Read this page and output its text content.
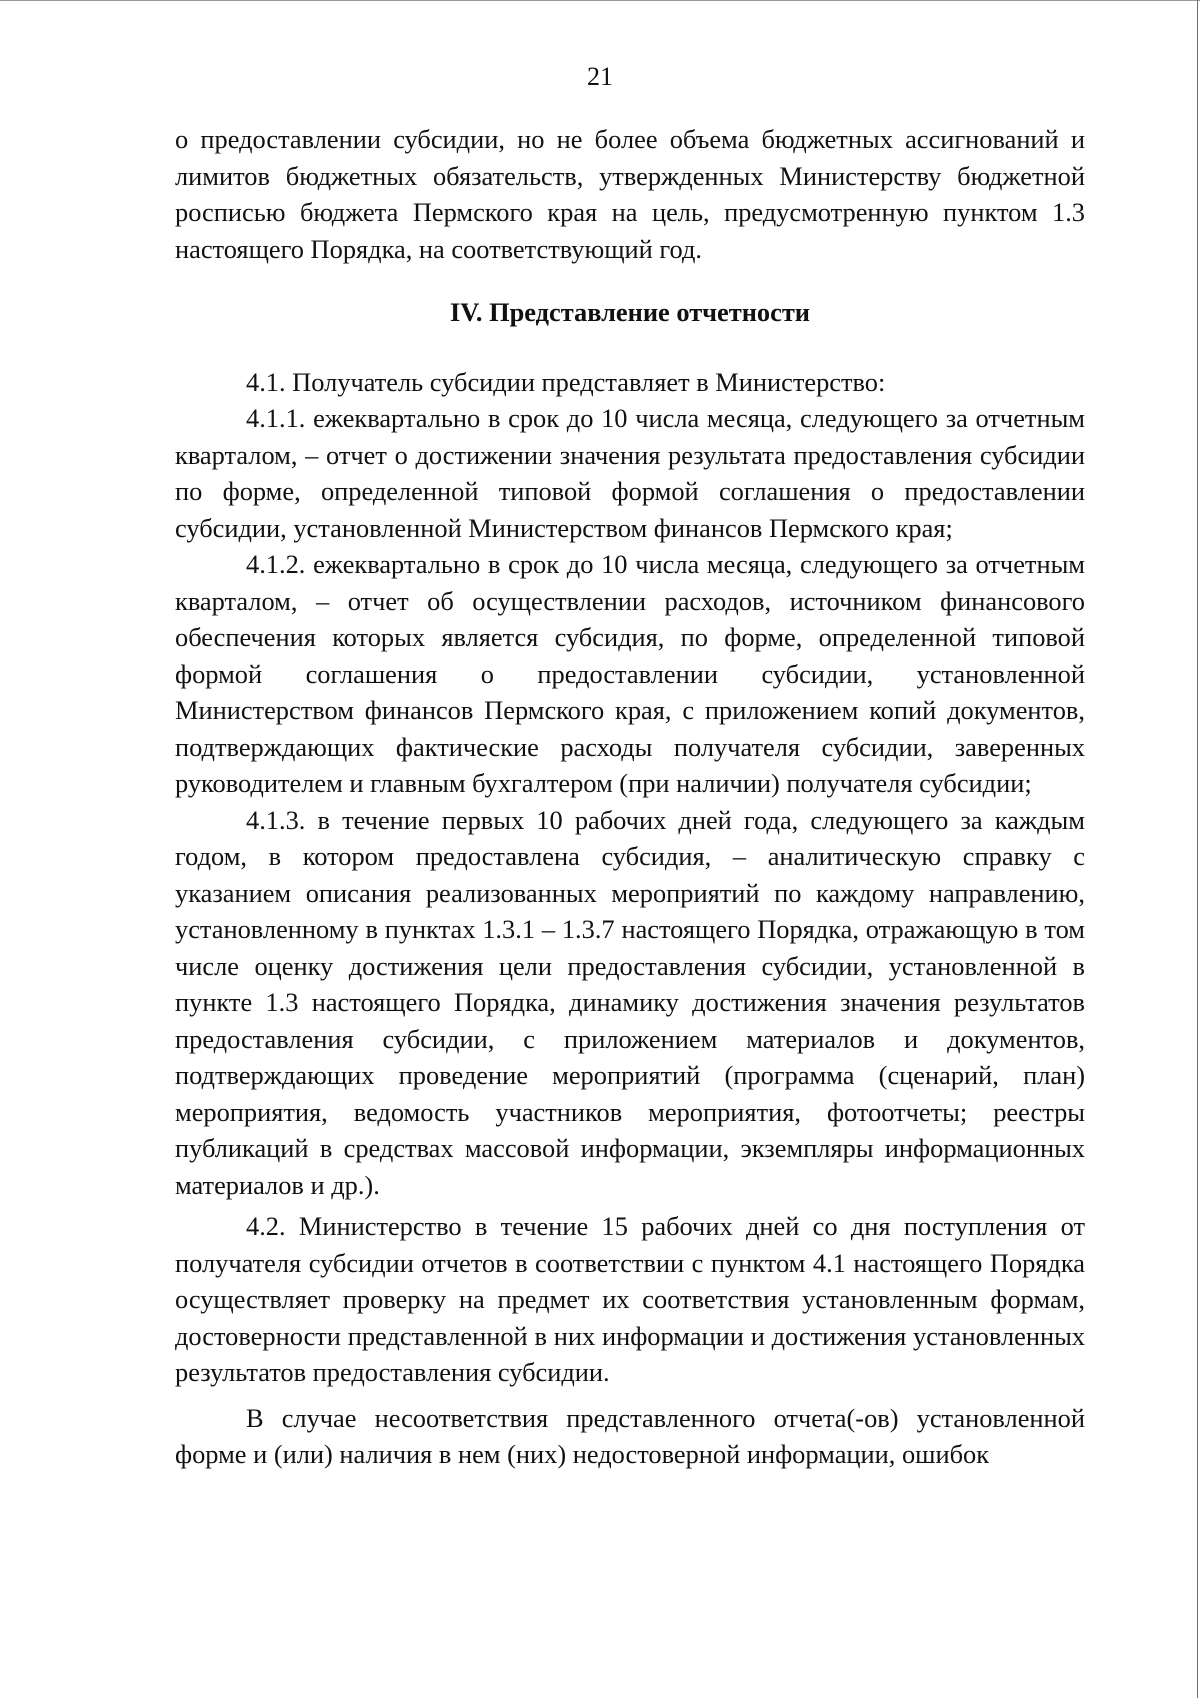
21

о предоставлении субсидии, но не более объема бюджетных ассигнований и лимитов бюджетных обязательств, утвержденных Министерству бюджетной росписью бюджета Пермского края на цель, предусмотренную пунктом 1.3 настоящего Порядка, на соответствующий год.

IV. Представление отчетности

4.1. Получатель субсидии представляет в Министерство:

4.1.1. ежеквартально в срок до 10 числа месяца, следующего за отчетным кварталом, – отчет о достижении значения результата предоставления субсидии по форме, определенной типовой формой соглашения о предоставлении субсидии, установленной Министерством финансов Пермского края;

4.1.2. ежеквартально в срок до 10 числа месяца, следующего за отчетным кварталом, – отчет об осуществлении расходов, источником финансового обеспечения которых является субсидия, по форме, определенной типовой формой соглашения о предоставлении субсидии, установленной Министерством финансов Пермского края, с приложением копий документов, подтверждающих фактические расходы получателя субсидии, заверенных руководителем и главным бухгалтером (при наличии) получателя субсидии;

4.1.3. в течение первых 10 рабочих дней года, следующего за каждым годом, в котором предоставлена субсидия, – аналитическую справку с указанием описания реализованных мероприятий по каждому направлению, установленному в пунктах 1.3.1 – 1.3.7 настоящего Порядка, отражающую в том числе оценку достижения цели предоставления субсидии, установленной в пункте 1.3 настоящего Порядка, динамику достижения значения результатов предоставления субсидии, с приложением материалов и документов, подтверждающих проведение мероприятий (программа (сценарий, план) мероприятия, ведомость участников мероприятия, фотоотчеты; реестры публикаций в средствах массовой информации, экземпляры информационных материалов и др.).

4.2. Министерство в течение 15 рабочих дней со дня поступления от получателя субсидии отчетов в соответствии с пунктом 4.1 настоящего Порядка осуществляет проверку на предмет их соответствия установленным формам, достоверности представленной в них информации и достижения установленных результатов предоставления субсидии.

В случае несоответствия представленного отчета(-ов) установленной форме и (или) наличия в нем (них) недостоверной информации, ошибок
